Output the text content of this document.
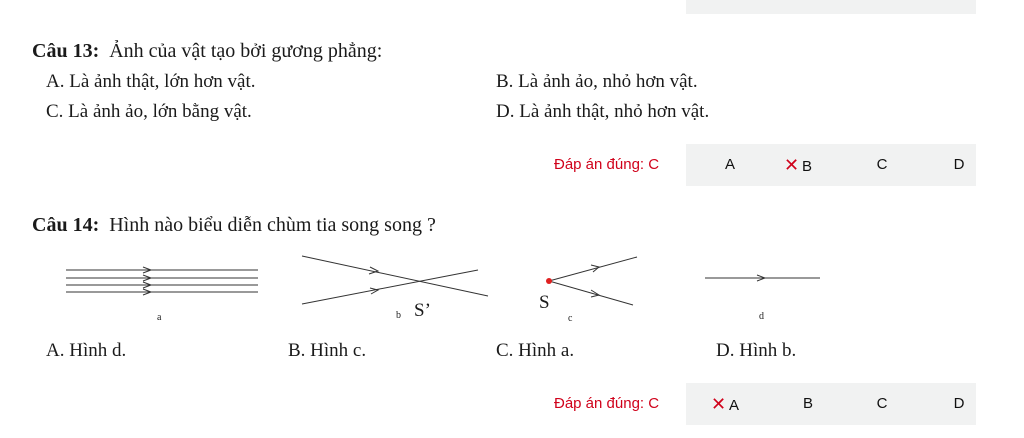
Câu 13: Ảnh của vật tạo bởi gương phẳng:
A. Là ảnh thật, lớn hơn vật.	B. Là ảnh ảo, nhỏ hơn vật.
C. Là ảnh ảo, lớn bằng vật.	D. Là ảnh thật, nhỏ hơn vật.
Đáp án đúng: C	A	✕ B	C	D
Câu 14: Hình nào biểu diễn chùm tia song song ?
a	b S’	S
c	d
A. Hình d.	B. Hình c.	C. Hình a.	D. Hình b.
Đáp án đúng: C	✕ A	B	C	D
